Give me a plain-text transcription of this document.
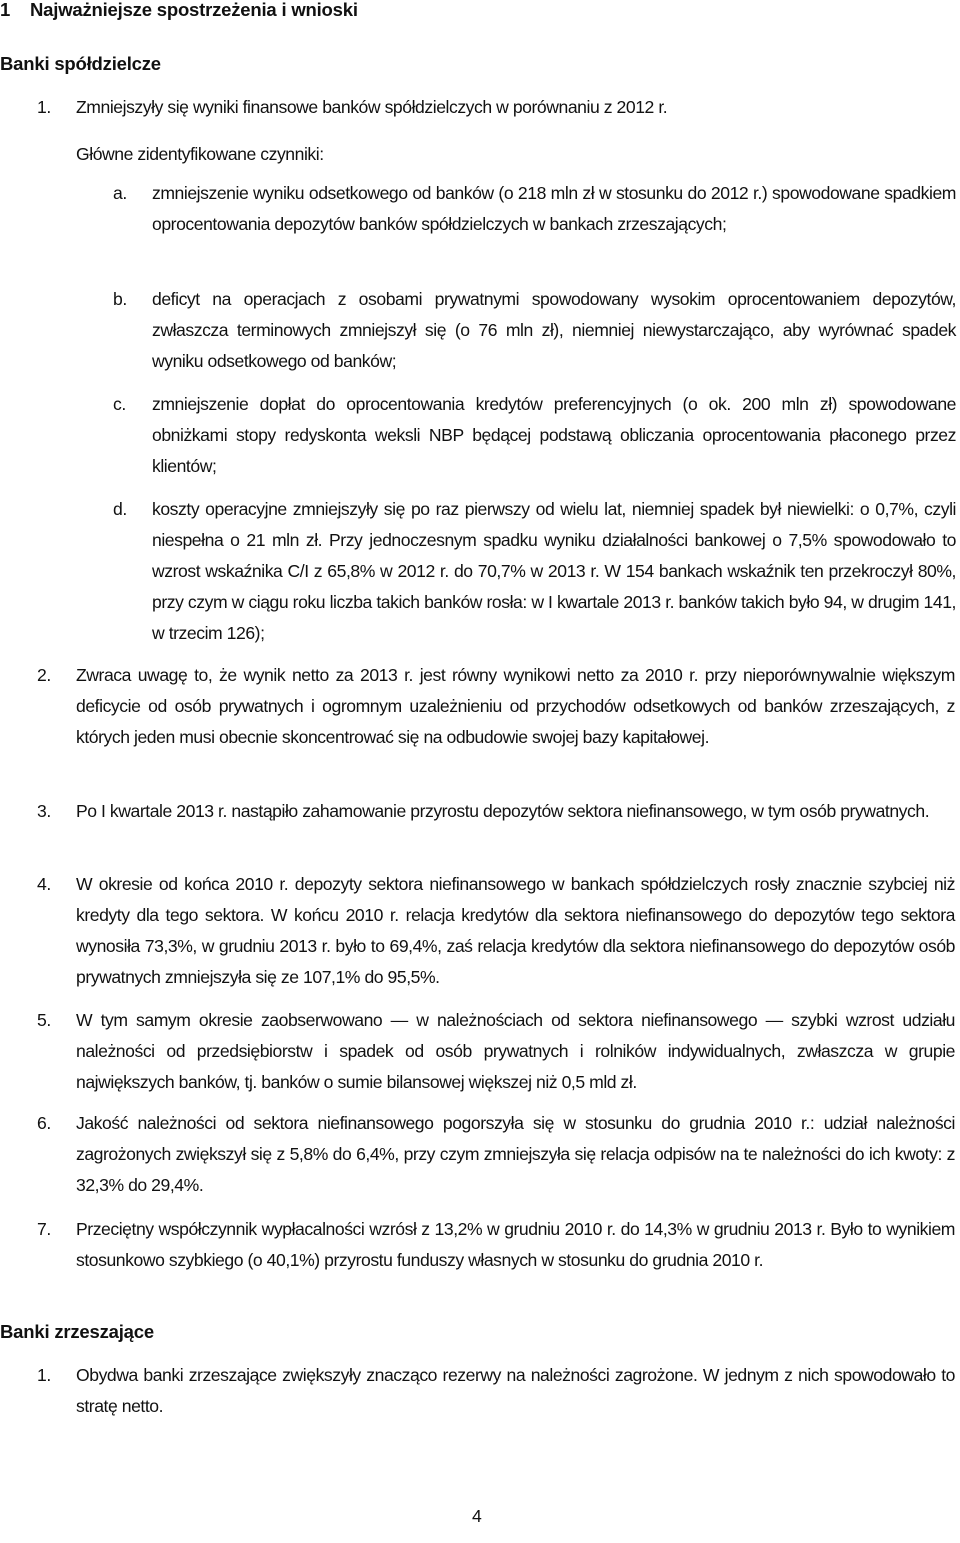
1 Najważniejsze spostrzeżenia i wnioski
Banki spółdzielcze
1. Zmniejszyły się wyniki finansowe banków spółdzielczych w porównaniu z 2012 r.
Główne zidentyfikowane czynniki:
a. zmniejszenie wyniku odsetkowego od banków (o 218 mln zł w stosunku do 2012 r.) spowodowane spadkiem oprocentowania depozytów banków spółdzielczych w bankach zrzeszających;
b. deficyt na operacjach z osobami prywatnymi spowodowany wysokim oprocentowaniem depozytów, zwłaszcza terminowych zmniejszył się (o 76 mln zł), niemniej niewystarczająco, aby wyrównać spadek wyniku odsetkowego od banków;
c. zmniejszenie dopłat do oprocentowania kredytów preferencyjnych (o ok. 200 mln zł) spowodowane obniżkami stopy redyskonta weksli NBP będącej podstawą obliczania oprocentowania płaconego przez klientów;
d. koszty operacyjne zmniejszyły się po raz pierwszy od wielu lat, niemniej spadek był niewielki: o 0,7%, czyli niespełna o 21 mln zł. Przy jednoczesnym spadku wyniku działalności bankowej o 7,5% spowodowało to wzrost wskaźnika C/I z 65,8% w 2012 r. do 70,7% w 2013 r. W 154 bankach wskaźnik ten przekroczył 80%, przy czym w ciągu roku liczba takich banków rosła: w I kwartale 2013 r. banków takich było 94, w drugim 141, w trzecim 126);
2. Zwraca uwagę to, że wynik netto za 2013 r. jest równy wynikowi netto za 2010 r. przy nieporównywalnie większym deficycie od osób prywatnych i ogromnym uzależnieniu od przychodów odsetkowych od banków zrzeszających, z których jeden musi obecnie skoncentrować się na odbudowie swojej bazy kapitałowej.
3. Po I kwartale 2013 r. nastąpiło zahamowanie przyrostu depozytów sektora niefinansowego, w tym osób prywatnych.
4. W okresie od końca 2010 r. depozyty sektora niefinansowego w bankach spółdzielczych rosły znacznie szybciej niż kredyty dla tego sektora. W końcu 2010 r. relacja kredytów dla sektora niefinansowego do depozytów tego sektora wynosiła 73,3%, w grudniu 2013 r. było to 69,4%, zaś relacja kredytów dla sektora niefinansowego do depozytów osób prywatnych zmniejszyła się ze 107,1% do 95,5%.
5. W tym samym okresie zaobserwowano — w należnościach od sektora niefinansowego — szybki wzrost udziału należności od przedsiębiorstw i spadek od osób prywatnych i rolników indywidualnych, zwłaszcza w grupie największych banków, tj. banków o sumie bilansowej większej niż 0,5 mld zł.
6. Jakość należności od sektora niefinansowego pogorszyła się w stosunku do grudnia 2010 r.: udział należności zagrożonych zwiększył się z 5,8% do 6,4%, przy czym zmniejszyła się relacja odpisów na te należności do ich kwoty: z 32,3% do 29,4%.
7. Przeciętny współczynnik wypłacalności wzrósł z 13,2% w grudniu 2010 r. do 14,3% w grudniu 2013 r. Było to wynikiem stosunkowo szybkiego (o 40,1%) przyrostu funduszy własnych w stosunku do grudnia 2010 r.
Banki zrzeszające
1. Obydwa banki zrzeszające zwiększyły znacząco rezerwy na należności zagrożone. W jednym z nich spowodowało to stratę netto.
4
